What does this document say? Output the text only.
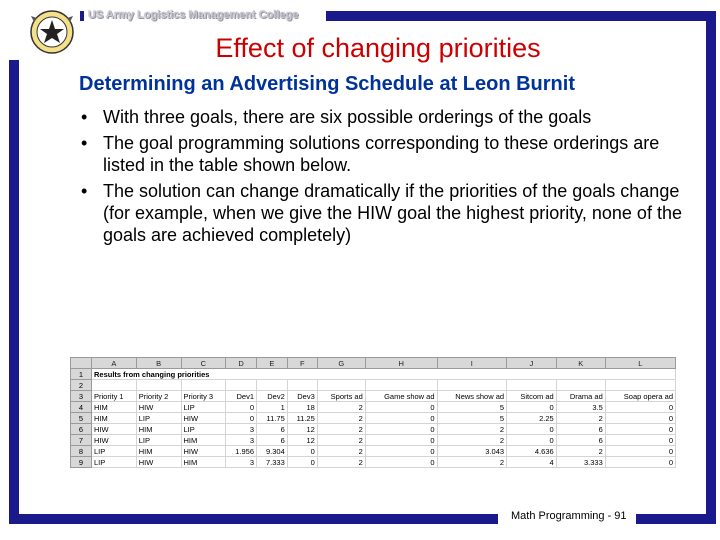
US Army Logistics Management College
Effect of changing priorities
Determining an Advertising Schedule at Leon Burnit
• With three goals, there are six possible orderings of the goals
• The goal programming solutions corresponding to these orderings are listed in the table shown below.
• The solution can change dramatically if the priorities of the goals change (for example, when we give the HIW goal the highest priority, none of the goals are achieved completely)
	A	B	C	D	E	F	G	H	I	J	K	L
1	Results from changing priorities											
2												
3	Priority 1	Priority 2	Priority 3	Dev1	Dev2	Dev3	Sports ad	Game show ad	News show ad	Sitcom ad	Drama ad	Soap opera ad
4	HIM	HIW	LIP	0	1	18	2	0	5	0	3.5	0
5	HIM	LIP	HIW	0	11.75	11.25	2	0	5	2.25	2	0
6	HIW	HIM	LIP	3	6	12	2	0	2	0	6	0
7	HIW	LIP	HIM	3	6	12	2	0	2	0	6	0
8	LIP	HIM	HIW	1.956	9.304	0	2	0	3.043	4.636	2	0
9	LIP	HIW	HIM	3	7.333	0	2	0	2	4	3.333	0
Math Programming - 91
